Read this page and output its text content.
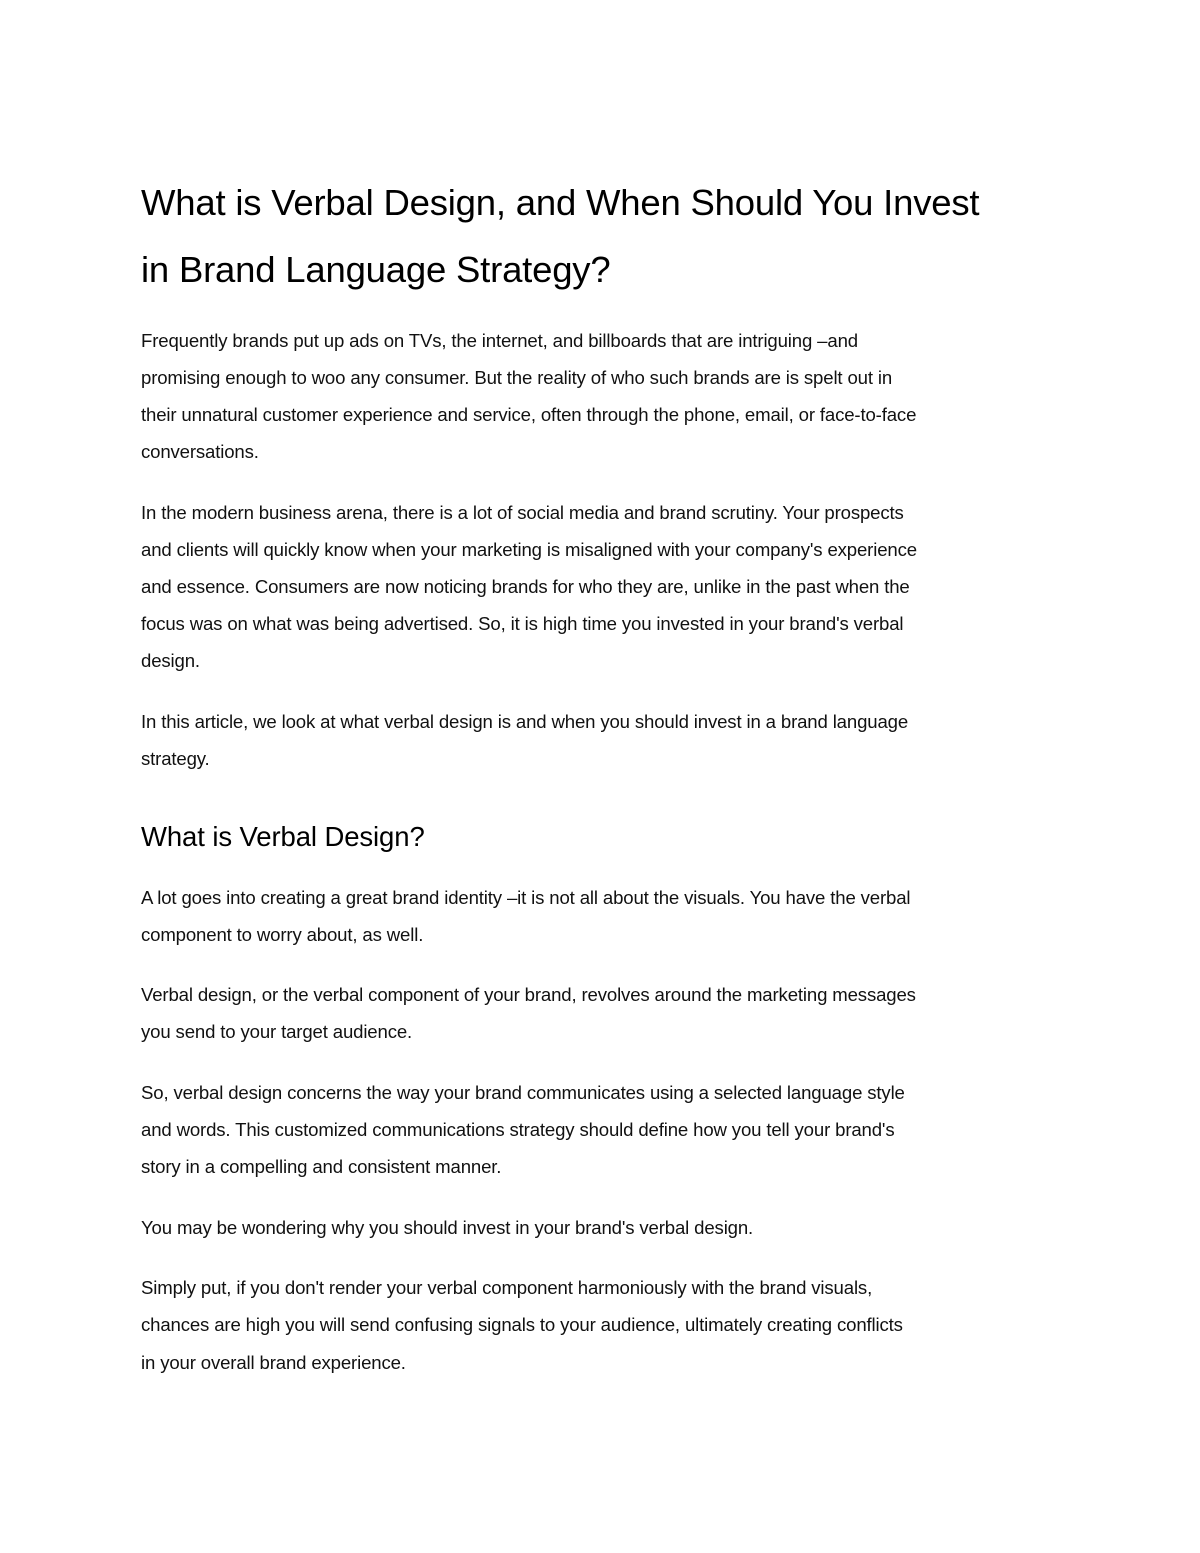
What is Verbal Design, and When Should You Invest
in Brand Language Strategy?
Frequently brands put up ads on TVs, the internet, and billboards that are intriguing –and
promising enough to woo any consumer. But the reality of who such brands are is spelt out in
their unnatural customer experience and service, often through the phone, email, or face-to-face
conversations.
In the modern business arena, there is a lot of social media and brand scrutiny. Your prospects
and clients will quickly know when your marketing is misaligned with your company's experience
and essence. Consumers are now noticing brands for who they are, unlike in the past when the
focus was on what was being advertised. So, it is high time you invested in your brand's verbal
design.
In this article, we look at what verbal design is and when you should invest in a brand language
strategy.
What is Verbal Design?
A lot goes into creating a great brand identity –it is not all about the visuals. You have the verbal
component to worry about, as well.
Verbal design, or the verbal component of your brand, revolves around the marketing messages
you send to your target audience.
So, verbal design concerns the way your brand communicates using a selected language style
and words. This customized communications strategy should define how you tell your brand's
story in a compelling and consistent manner.
You may be wondering why you should invest in your brand's verbal design.
Simply put, if you don't render your verbal component harmoniously with the brand visuals,
chances are high you will send confusing signals to your audience, ultimately creating conflicts
in your overall brand experience.
